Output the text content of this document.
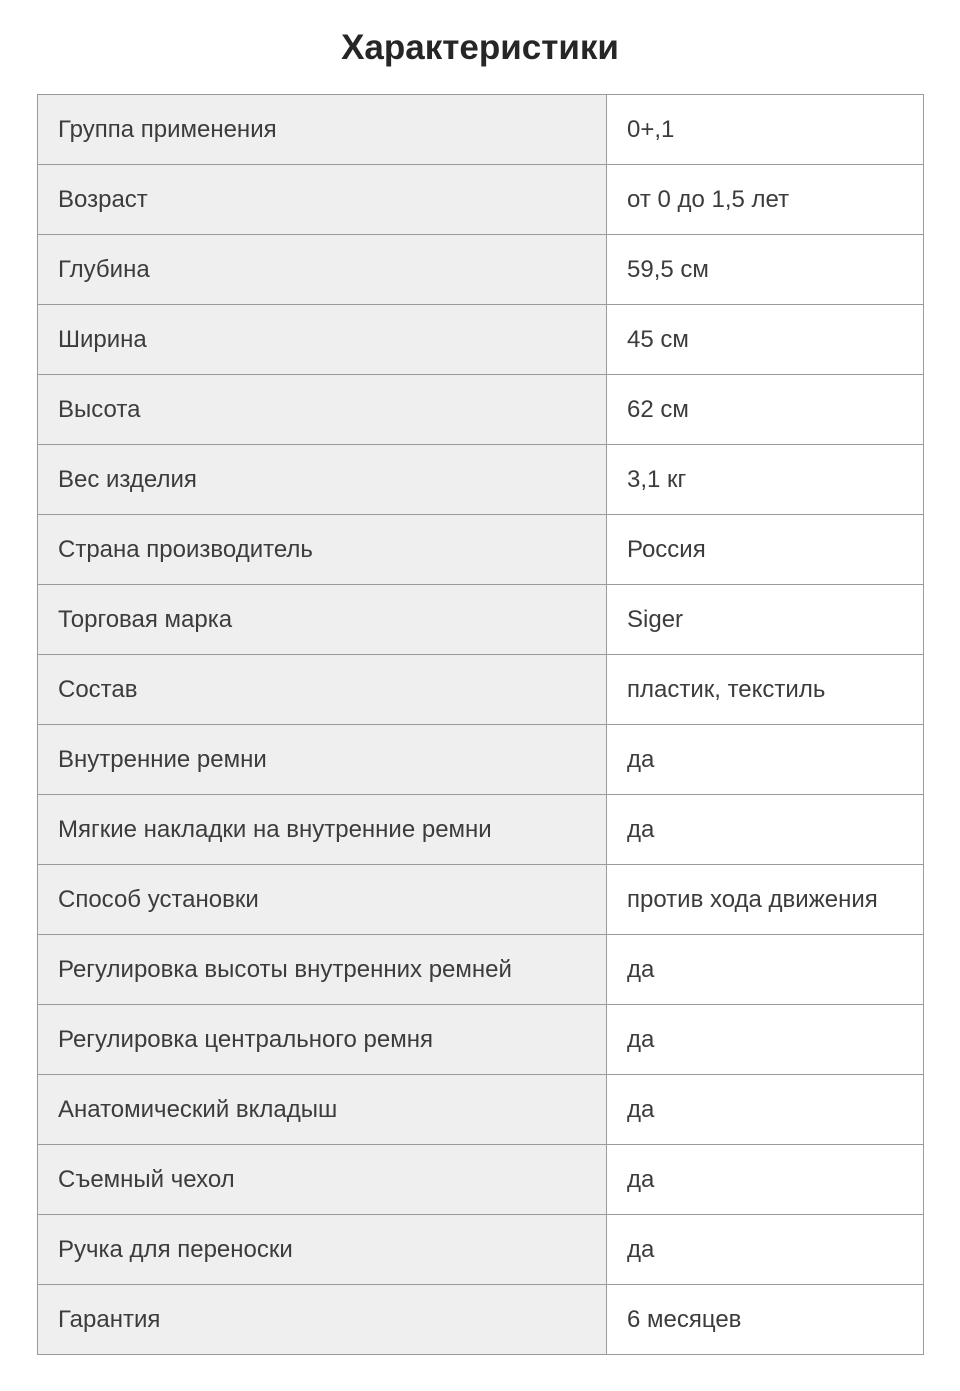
Характеристики
Группа применения	0+,1
Возраст	от 0 до 1,5 лет
Глубина	59,5 см
Ширина	45 см
Высота	62 см
Вес изделия	3,1 кг
Страна производитель	Россия
Торговая марка	Siger
Состав	пластик, текстиль
Внутренние ремни	да
Мягкие накладки на внутренние ремни	да
Способ установки	против хода движения
Регулировка высоты внутренних ремней	да
Регулировка центрального ремня	да
Анатомический вкладыш	да
Съемный чехол	да
Ручка для переноски	да
Гарантия	6 месяцев
